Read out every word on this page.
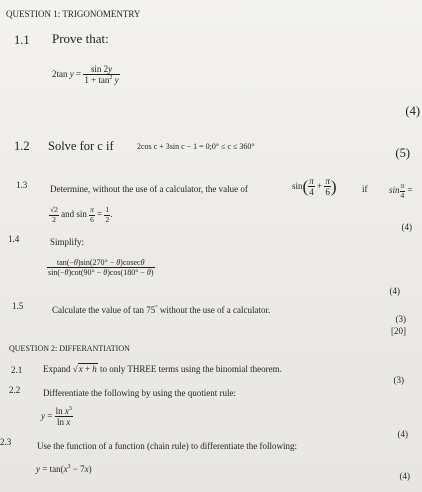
QUESTION 1: TRIGONOMENTRY
1.1 Prove that:
2tan $y = \frac{\sin 2y}{1 + \tan^2 y}$
(4)
1.2 Solve for c if	2cos c + 3sin c − 1 = 0;0° ≤ c ≤ 360°	(5)
1.3	Determine, without the use of a calculator, the value of	$\sin( \frac{\pi}{4} + \frac{\pi}{6}$ )	if $\sin \frac{\pi}{4}$ =
$\frac{√2}{2}$ and $\sin \frac{\pi}{6} = \frac{1}{2}$ .
(4)
1.4	Simplify:
$\frac{\tan(-\theta)\sin(270^\circ - \theta)cosec\theta}{\sin(-\theta)\cot(90^\circ - \theta)\cos(180^\circ - \theta)}$
(4)
1.5	Calculate the value of tan 75° without the use of a calculator.
(3)
[20]
QUESTION 2: DIFFERANTIATION
2.1 Expand √x + h to only THREE terms using the binomial theorem.
(3)
2.2	Differentiate the following by using the quotient rule:
$y = \frac{\ln x^3}{\text{ln x}}$
(4)
2.3	Use the function of a function (chain rule) to differentiate the following:
$y = \tan(x^3 - 7x)$
(4)
